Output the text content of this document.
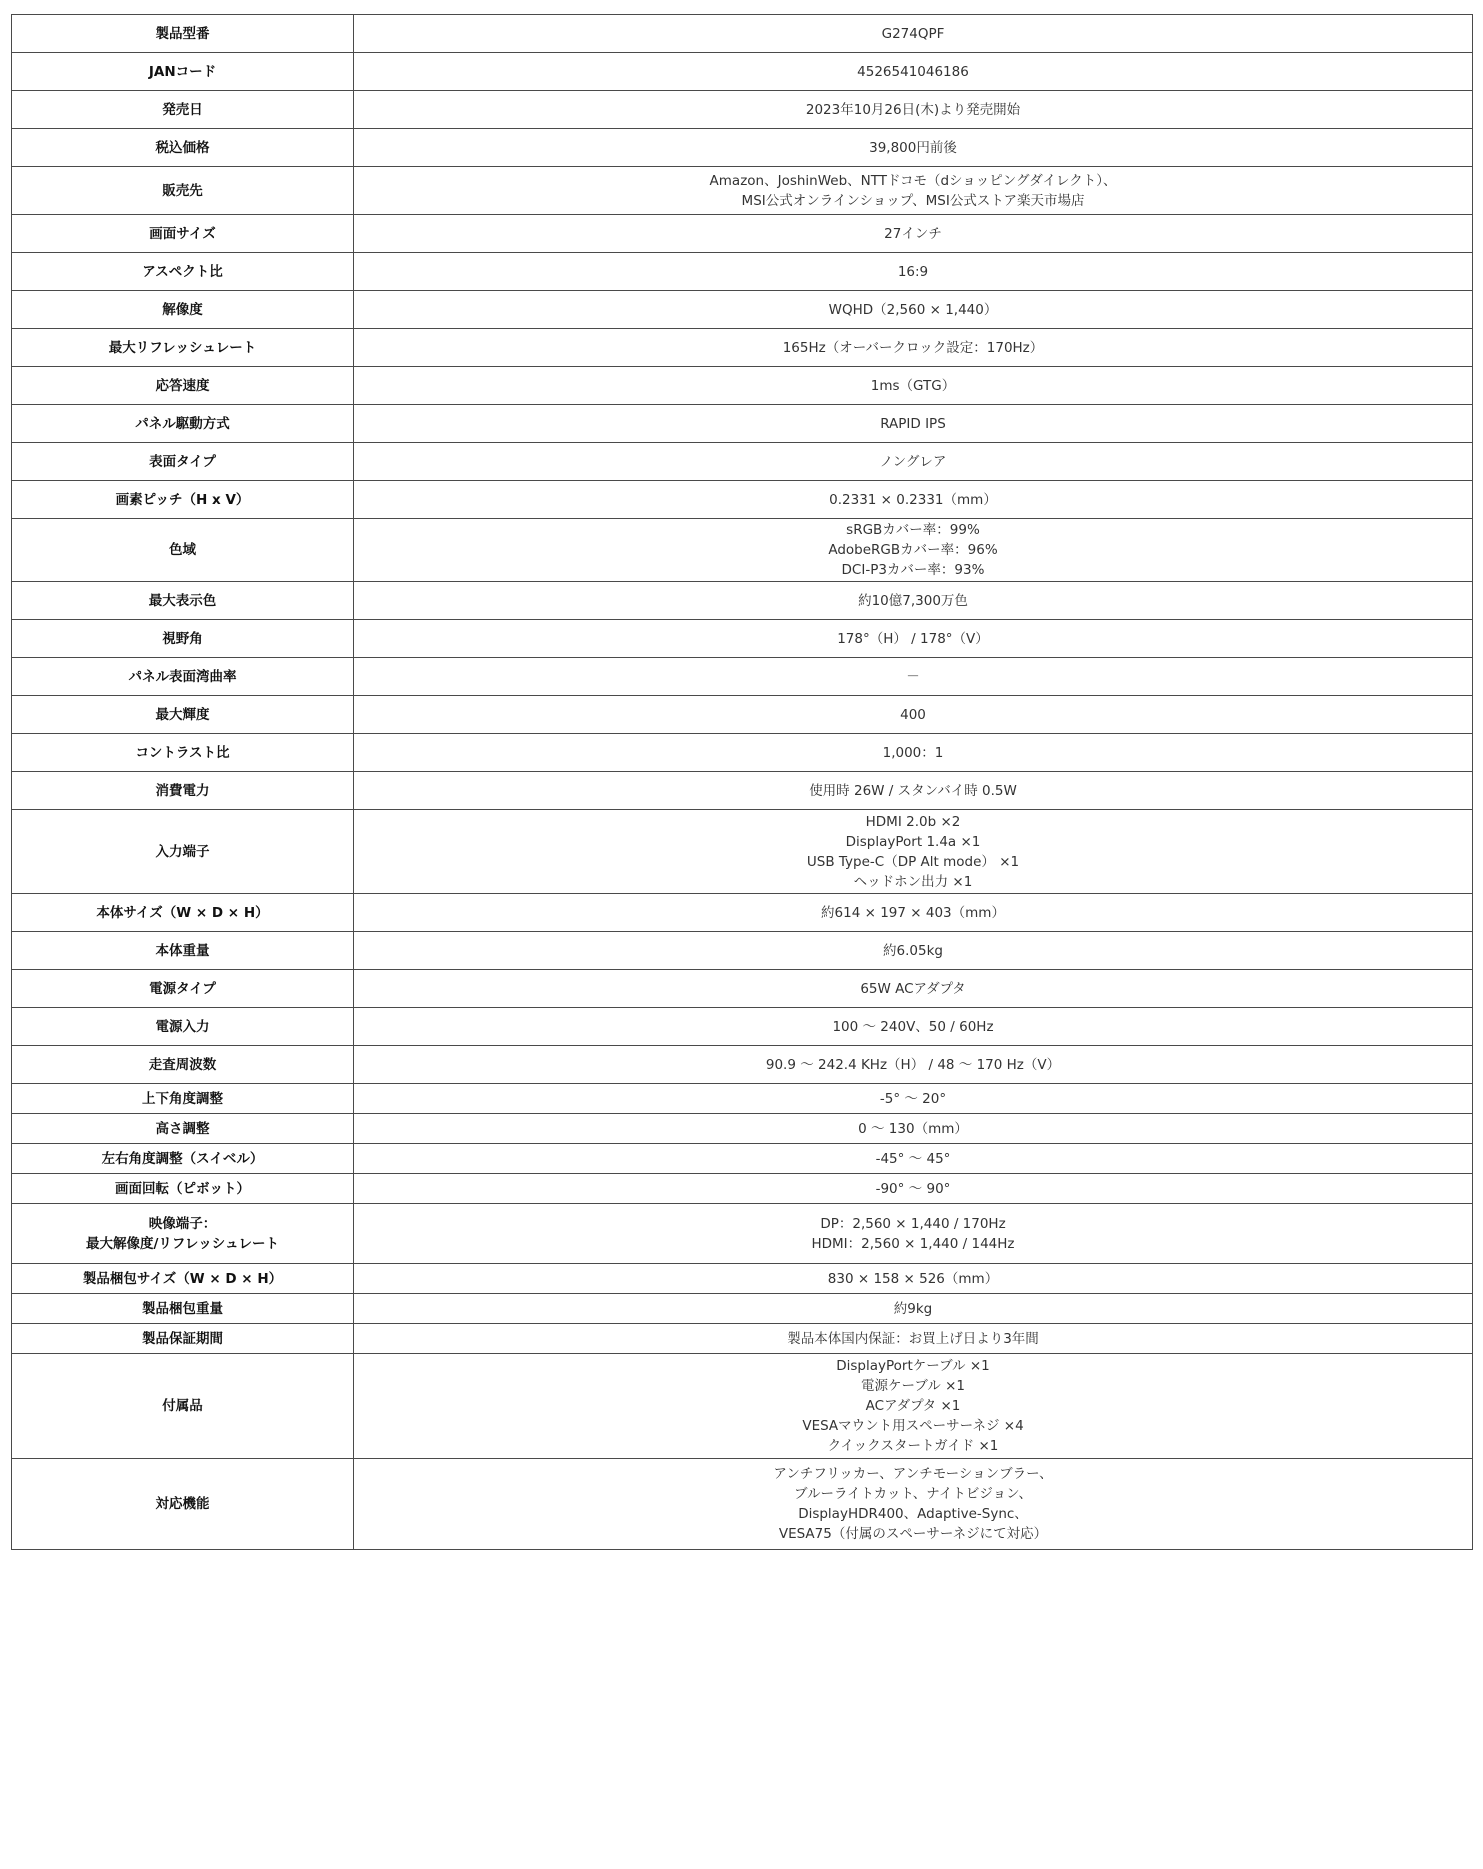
製品型番	G274QPF

JANコード	4526541046186

発売日	2023年10月26日(木)より発売開始

税込価格	39,800円前後

販売先	Amazon、JoshinWeb、NTTドコモ（dショッピングダイレクト）、
MSI公式オンラインショップ、MSI公式ストア楽天市場店

画面サイズ	27インチ

アスペクト比	16:9

解像度	WQHD（2,560 × 1,440）

最大リフレッシュレート	165Hz（オーバークロック設定：170Hz）

応答速度	1ms（GTG）

パネル駆動方式	RAPID IPS

表面タイプ	ノングレア

画素ピッチ（H x V）	0.2331 × 0.2331（mm）

色域	sRGBカバー率：99%
AdobeRGBカバー率：96%
DCI-P3カバー率：93%

最大表示色	約10億7,300万色

視野角	178°（H） / 178°（V）

パネル表面湾曲率	－

最大輝度	400

コントラスト比	1,000：1

消費電力	使用時 26W / スタンバイ時 0.5W

入力端子	HDMI 2.0b ×2
DisplayPort 1.4a ×1
USB Type-C（DP Alt mode） ×1
ヘッドホン出力 ×1

本体サイズ（W × D × H）	約614 × 197 × 403（mm）

本体重量	約6.05kg

電源タイプ	65W ACアダプタ

電源入力	100 ～ 240V、50 / 60Hz

走査周波数	90.9 ～ 242.4 KHz（H） / 48 ～ 170 Hz（V）

上下角度調整	-5° ～ 20°

高さ調整	0 ～ 130（mm）

左右角度調整（スイベル）	-45° ～ 45°

画面回転（ピボット）	-90° ～ 90°

映像端子：
最大解像度/リフレッシュレート	DP：2,560 × 1,440 / 170Hz
HDMI：2,560 × 1,440 / 144Hz

製品梱包サイズ（W × D × H）	830 × 158 × 526（mm）

製品梱包重量	約9kg

製品保証期間	製品本体国内保証：お買上げ日より3年間

付属品	DisplayPortケーブル ×1
電源ケーブル ×1
ACアダプタ ×1
VESAマウント用スペーサーネジ ×4
クイックスタートガイド ×1

対応機能	アンチフリッカー、アンチモーションブラー、
ブルーライトカット、ナイトビジョン、
DisplayHDR400、Adaptive-Sync、
VESA75（付属のスペーサーネジにて対応）
